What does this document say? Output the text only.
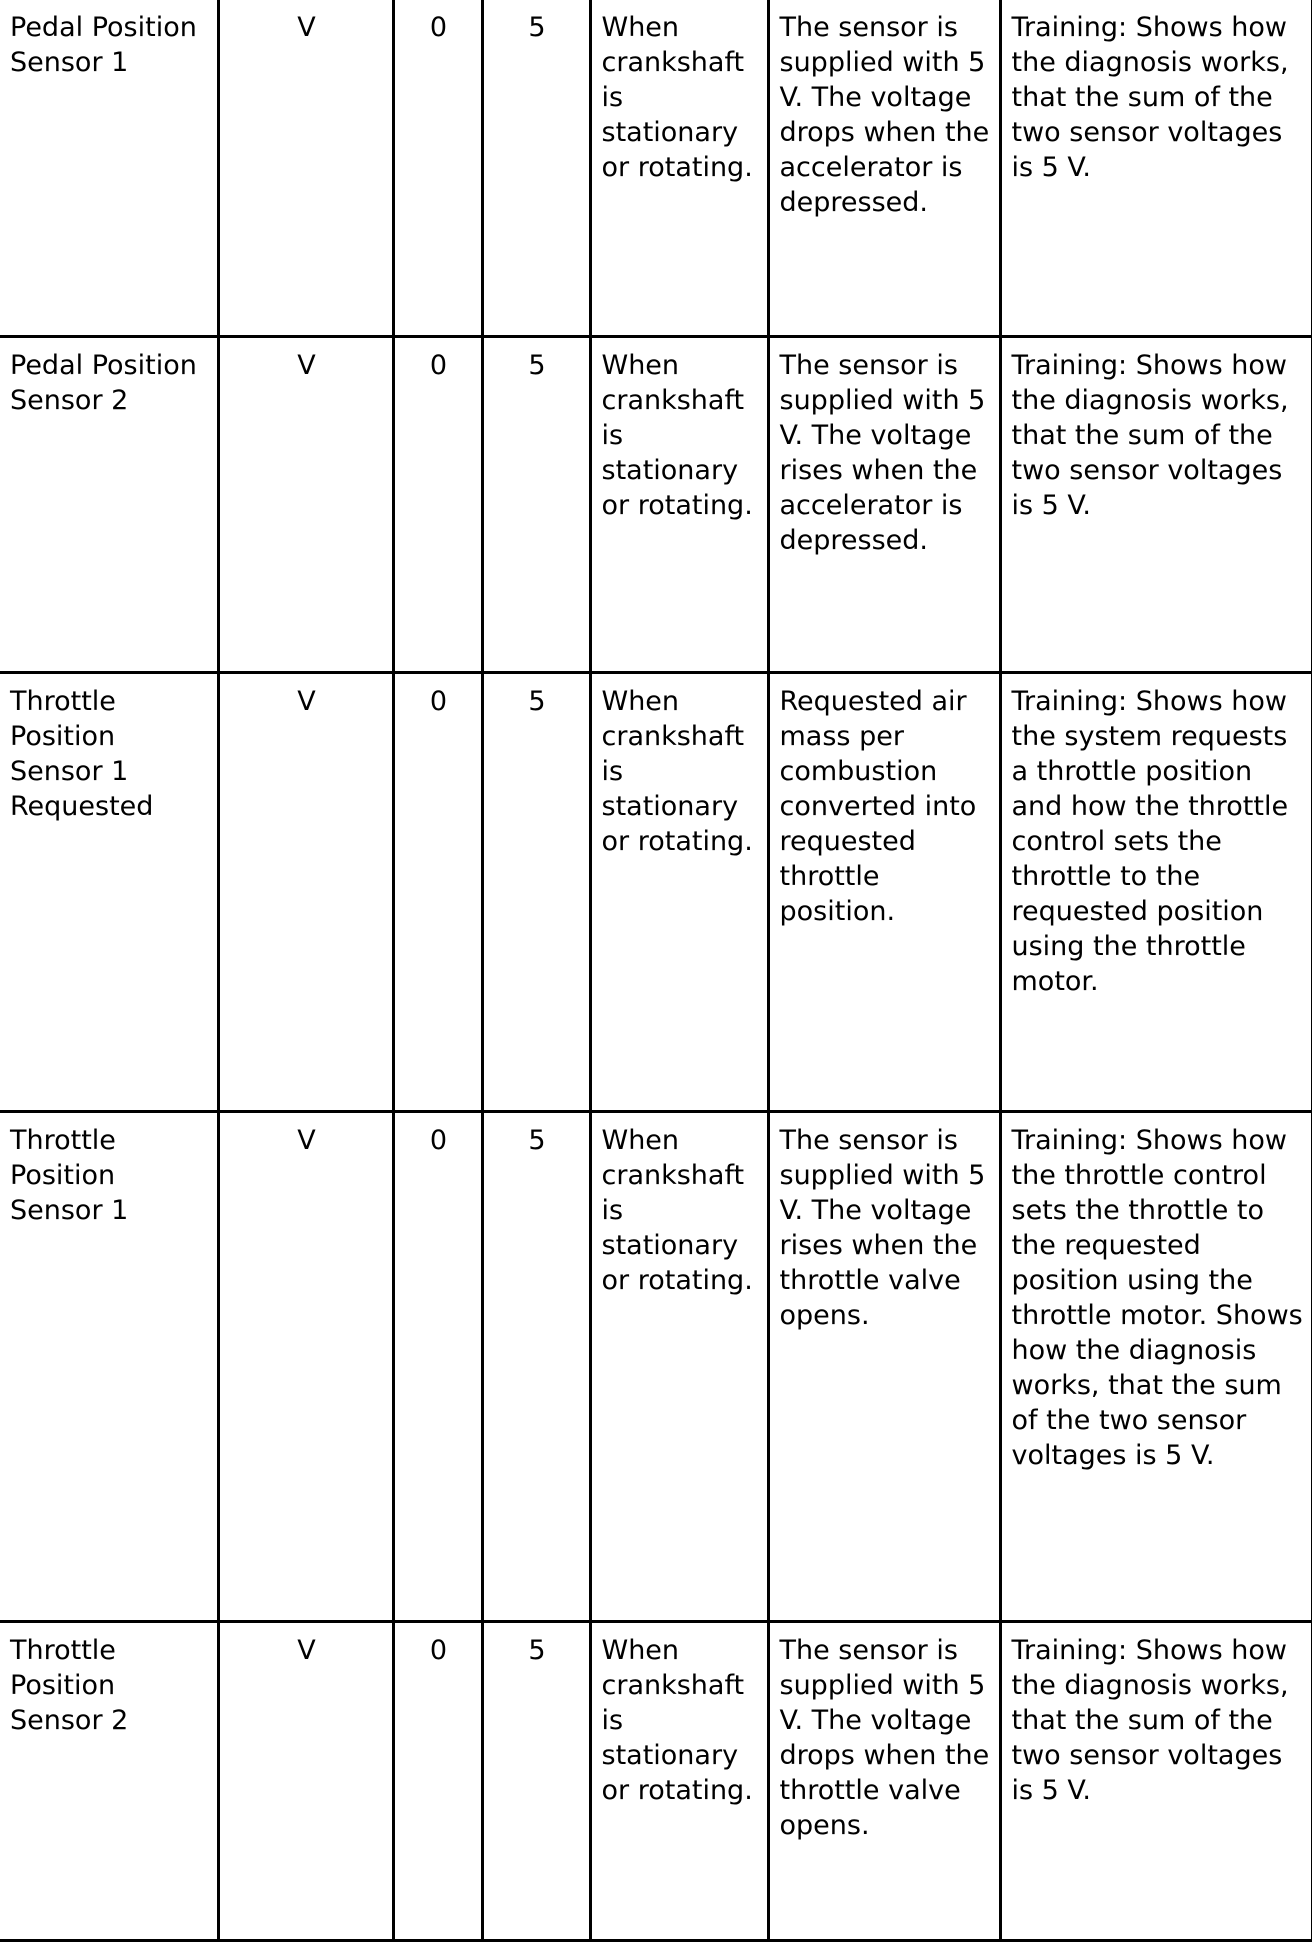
Pedal Position Sensor 1	V	0	5	When crankshaft is stationary or rotating.	The sensor is supplied with 5 V. The voltage drops when the accelerator is depressed.	Training: Shows how the diagnosis works, that the sum of the two sensor voltages is 5 V.
Pedal Position Sensor 2	V	0	5	When crankshaft is stationary or rotating.	The sensor is supplied with 5 V. The voltage rises when the accelerator is depressed.	Training: Shows how the diagnosis works, that the sum of the two sensor voltages is 5 V.
Throttle Position Sensor 1 Requested	V	0	5	When crankshaft is stationary or rotating.	Requested air mass per combustion converted into requested throttle position.	Training: Shows how the system requests a throttle position and how the throttle control sets the throttle to the requested position using the throttle motor.
Throttle Position Sensor 1	V	0	5	When crankshaft is stationary or rotating.	The sensor is supplied with 5 V. The voltage rises when the throttle valve opens.	Training: Shows how the throttle control sets the throttle to the requested position using the throttle motor. Shows how the diagnosis works, that the sum of the two sensor voltages is 5 V.
Throttle Position Sensor 2	V	0	5	When crankshaft is stationary or rotating.	The sensor is supplied with 5 V. The voltage drops when the throttle valve opens.	Training: Shows how the diagnosis works, that the sum of the two sensor voltages is 5 V.
